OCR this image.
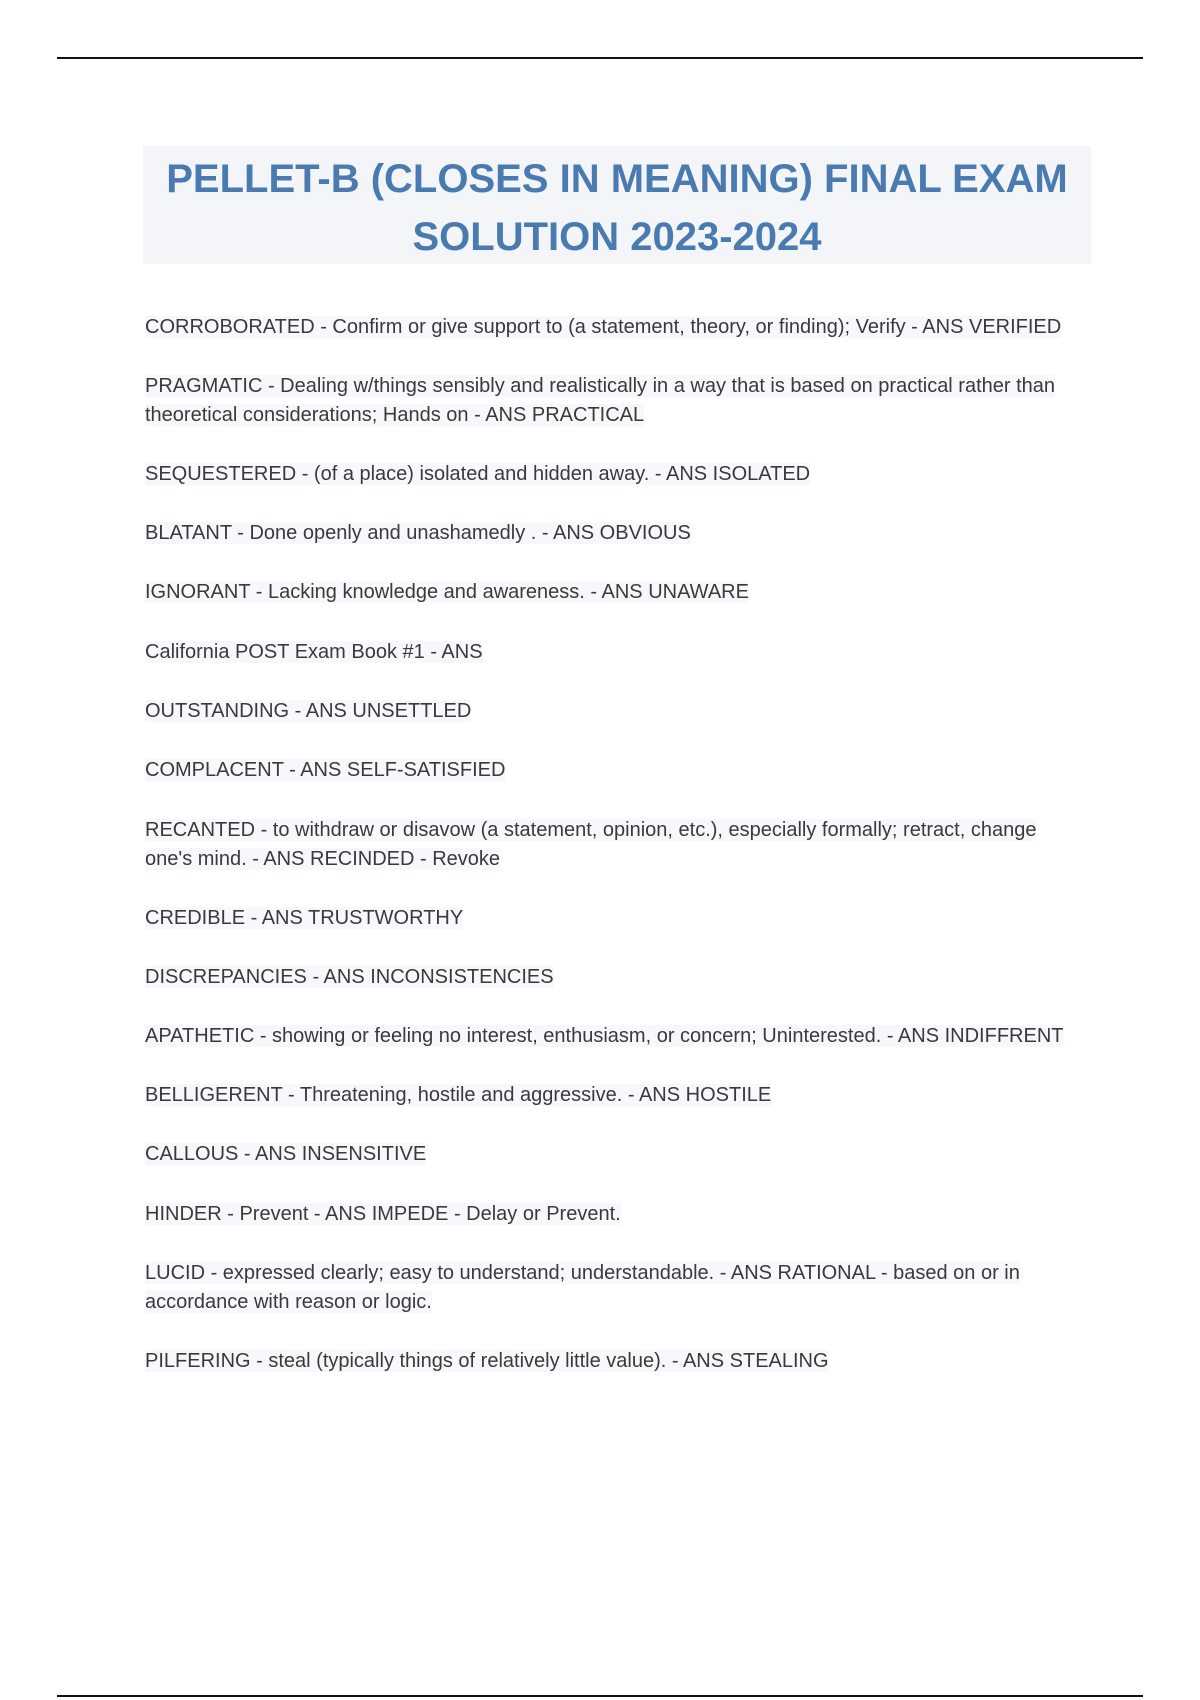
PELLET-B (CLOSES IN MEANING) FINAL EXAM
SOLUTION 2023-2024

CORROBORATED - Confirm or give support to (a statement, theory, or finding); Verify - ANS VERIFIED

PRAGMATIC - Dealing w/things sensibly and realistically in a way that is based on practical rather than theoretical considerations; Hands on - ANS PRACTICAL

SEQUESTERED - (of a place) isolated and hidden away. - ANS ISOLATED

BLATANT - Done openly and unashamedly . - ANS OBVIOUS

IGNORANT - Lacking knowledge and awareness. - ANS UNAWARE

California POST Exam Book #1 - ANS

OUTSTANDING - ANS UNSETTLED

COMPLACENT - ANS SELF-SATISFIED

RECANTED - to withdraw or disavow (a statement, opinion, etc.), especially formally; retract, change one's mind. - ANS RECINDED - Revoke

CREDIBLE - ANS TRUSTWORTHY

DISCREPANCIES - ANS INCONSISTENCIES

APATHETIC - showing or feeling no interest, enthusiasm, or concern; Uninterested. - ANS INDIFFRENT

BELLIGERENT - Threatening, hostile and aggressive. - ANS HOSTILE

CALLOUS - ANS INSENSITIVE

HINDER - Prevent - ANS IMPEDE - Delay or Prevent.

LUCID - expressed clearly; easy to understand; understandable. - ANS RATIONAL - based on or in accordance with reason or logic.

PILFERING - steal (typically things of relatively little value). - ANS STEALING
